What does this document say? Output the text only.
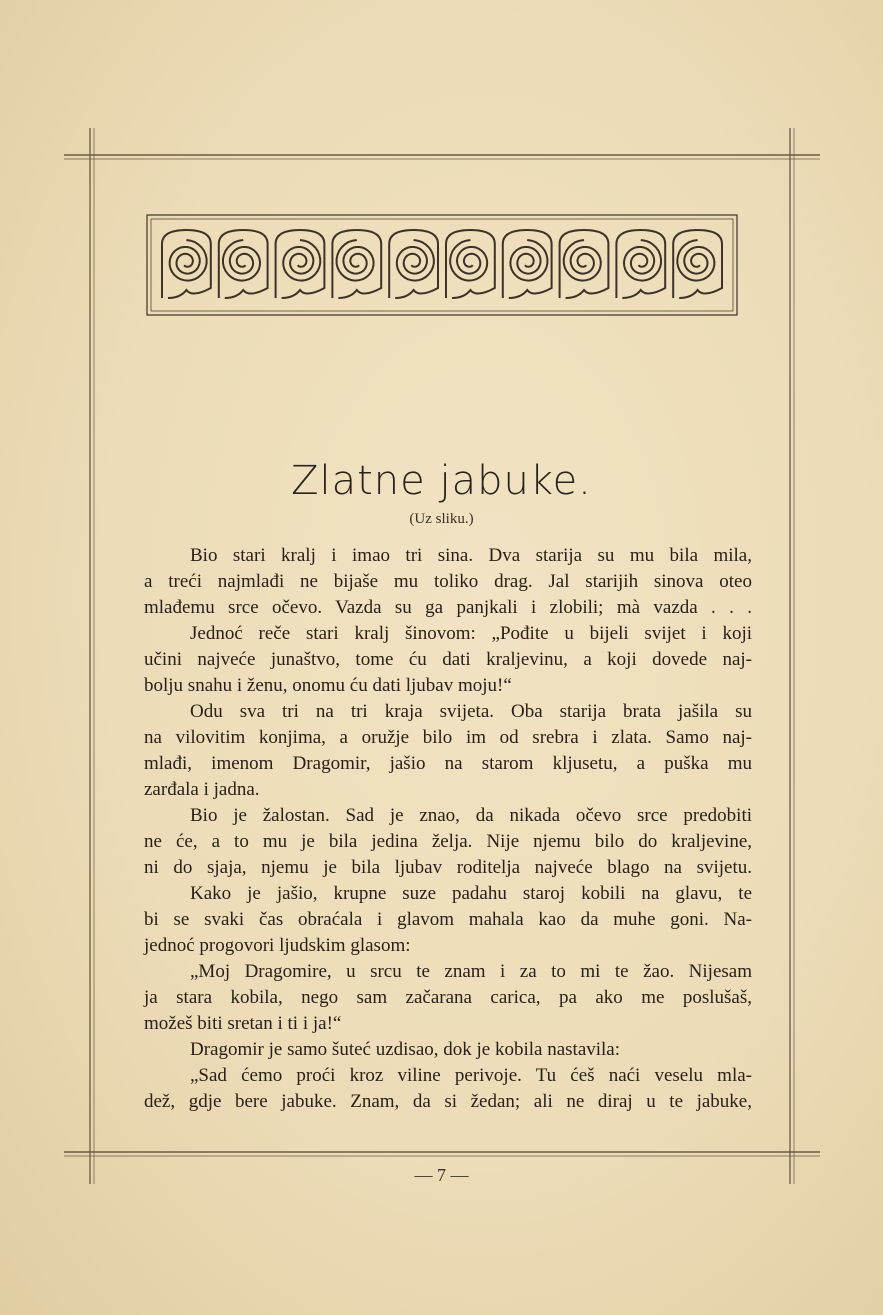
Zlatne jabuke.

(Uz sliku.)

Bio stari kralj i imao tri sina. Dva starija su mu bila mila,
a treći najmlađi ne bijaše mu toliko drag. Jal starijih sinova oteo
mlađemu srce očevo. Vazda su ga panjkali i zlobili; mà vazda . . .
Jednoć reče stari kralj šinovom: „Pođite u bijeli svijet i koji
učini najveće junaštvo, tome ću dati kraljevinu, a koji dovede naj-
bolju snahu i ženu, onomu ću dati ljubav moju!“
Odu sva tri na tri kraja svijeta. Oba starija brata jašila su
na vilovitim konjima, a oružje bilo im od srebra i zlata. Samo naj-
mlađi, imenom Dragomir, jašio na starom kljusetu, a puška mu
zarđala i jadna.
Bio je žalostan. Sad je znao, da nikada očevo srce predobiti
ne će, a to mu je bila jedina želja. Nije njemu bilo do kraljevine,
ni do sjaja, njemu je bila ljubav roditelja najveće blago na svijetu.
Kako je jašio, krupne suze padahu staroj kobili na glavu, te
bi se svaki čas obraćala i glavom mahala kao da muhe goni. Na-
jednoć progovori ljudskim glasom:
„Moj Dragomire, u srcu te znam i za to mi te žao. Nijesam
ja stara kobila, nego sam začarana carica, pa ako me poslušaš,
možeš biti sretan i ti i ja!“
Dragomir je samo šuteć uzdisao, dok je kobila nastavila:
„Sad ćemo proći kroz viline perivoje. Tu ćeš naći veselu mla-
dež, gdje bere jabuke. Znam, da si žedan; ali ne diraj u te jabuke,

— 7 —
